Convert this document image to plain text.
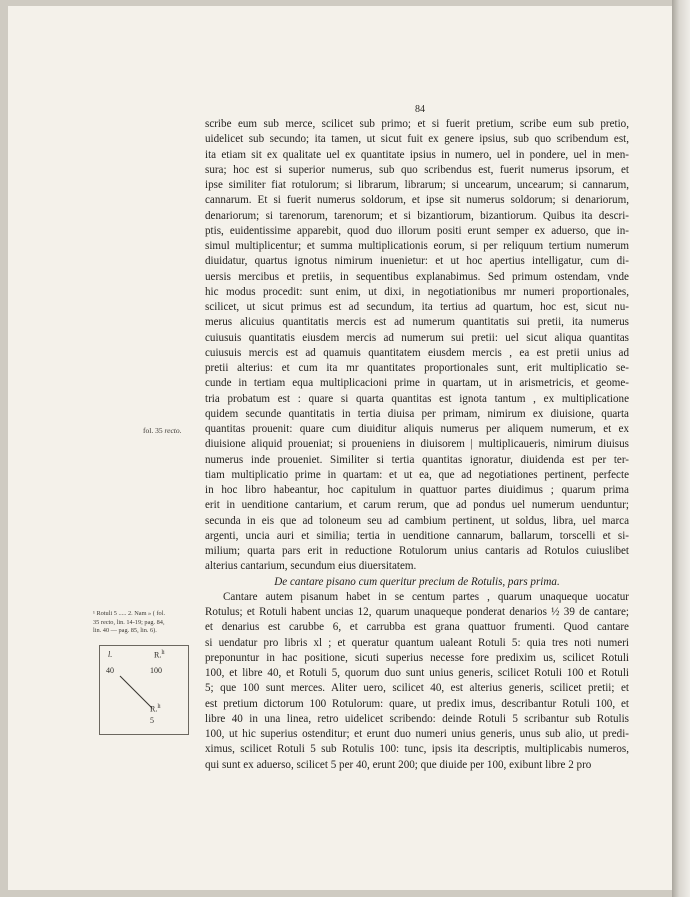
84
fol. 35 recto.
¹ Rotuli 5 ..... 2. Nam » ( fol.
35 recto, lin. 14-19; pag. 84,
lin. 40 — pag. 85, lin. 6).
l.	R.$^{li}$
40	100
R.$^{li}$
5
scribe eum sub merce, scilicet sub primo; et si fuerit pretium, scribe eum sub pretio,
uidelicet sub secundo; ita tamen, ut sicut fuit ex genere ipsius, sub quo scribendum est,
ita etiam sit ex qualitate uel ex quantitate ipsius in numero, uel in pondere, uel in men-
sura; hoc est si superior numerus, sub quo scribendus est, fuerit numerus ipsorum, et
ipse similiter fiat rotulorum; si librarum, librarum; si uncearum, uncearum; si cannarum,
cannarum. Et si fuerit numerus soldorum, et ipse sit numerus soldorum; si denariorum,
denariorum; si tarenorum, tarenorum; et si bizantiorum, bizantiorum. Quibus ita descri-
ptis, euidentissime apparebit, quod duo illorum positi erunt semper ex aduerso, que in-
simul multiplicentur; et summa multiplicationis eorum, si per reliquum tertium numerum
diuidatur, quartus ignotus nimirum inuenietur: et ut hoc apertius intelligatur, cum di-
uersis mercibus et pretiis, in sequentibus explanabimus. Sed primum ostendam, vnde
hic modus procedit: sunt enim, ut dixi, in negotiationibus mr numeri proportionales,
scilicet, ut sicut primus est ad secundum, ita tertius ad quartum, hoc est, sicut nu-
merus alicuius quantitatis mercis est ad numerum quantitatis sui pretii, ita numerus
cuiusuis quantitatis eiusdem mercis ad numerum sui pretii: uel sicut aliqua quantitas
cuiusuis mercis est ad quamuis quantitatem eiusdem mercis , ea est pretii unius ad
pretii alterius: et cum ita mr quantitates proportionales sunt, erit multiplicatio se-
cunde in tertiam equa multiplicacioni prime in quartam, ut in arismetricis, et geome-
tria probatum est : quare si quarta quantitas est ignota tantum , ex multiplicatione
quidem secunde quantitatis in tertia diuisa per primam, nimirum ex diuisione, quarta
quantitas prouenit: quare cum diuiditur aliquis numerus per aliquem numerum, et ex
diuisione aliquid proueniat; si proueniens in diuisorem | multiplicaueris, nimirum diuisus
numerus inde proueniet. Similiter si tertia quantitas ignoratur, diuidenda est per ter-
tiam multiplicatio prime in quartam: et ut ea, que ad negotiationes pertinent, perfecte
in hoc libro habeantur, hoc capitulum in quattuor partes diuidimus ; quarum prima
erit in uenditione cantarium, et carum rerum, que ad pondus uel numerum uenduntur;
secunda in eis que ad toloneum seu ad cambium pertinent, ut soldus, libra, uel marca
argenti, uncia auri et similia; tertia in uenditione cannarum, ballarum, torscelli et si-
milium; quarta pars erit in reductione Rotulorum unius cantaris ad Rotulos cuiuslibet
alterius cantarium, secundum eius diuersitatem.
De cantare pisano cum queritur precium de Rotulis, pars prima.
Cantare autem pisanum habet in se centum partes , quarum unaqueque uocatur
Rotulus; et Rotuli habent uncias 12, quarum unaqueque ponderat denarios ½ 39 de cantare;
et denarius est carubbe 6, et carrubba est grana quattuor frumenti. Quod cantare
si uendatur pro libris xl ; et queratur quantum ualeant Rotuli 5: quia tres noti numeri
preponuntur in hac positione, sicuti superius necesse fore predixim us, scilicet Rotuli
100, et libre 40, et Rotuli 5, quorum duo sunt unius generis, scilicet Rotuli 100 et Rotuli
5; que 100 sunt merces. Aliter uero, scilicet 40, est alterius generis, scilicet pretii; et
est pretium dictorum 100 Rotulorum: quare, ut predix imus, describantur Rotuli 100, et
libre 40 in una linea, retro uidelicet scribendo: deinde Rotuli 5 scribantur sub Rotulis
100, ut hic superius ostenditur; et erunt duo numeri unius generis, unus sub alio, ut predi-
ximus, scilicet Rotuli 5 sub Rotulis 100: tunc, ipsis ita descriptis, multiplicabis numeros,
qui sunt ex aduerso, scilicet 5 per 40, erunt 200; que diuide per 100, exibunt libre 2 pro
